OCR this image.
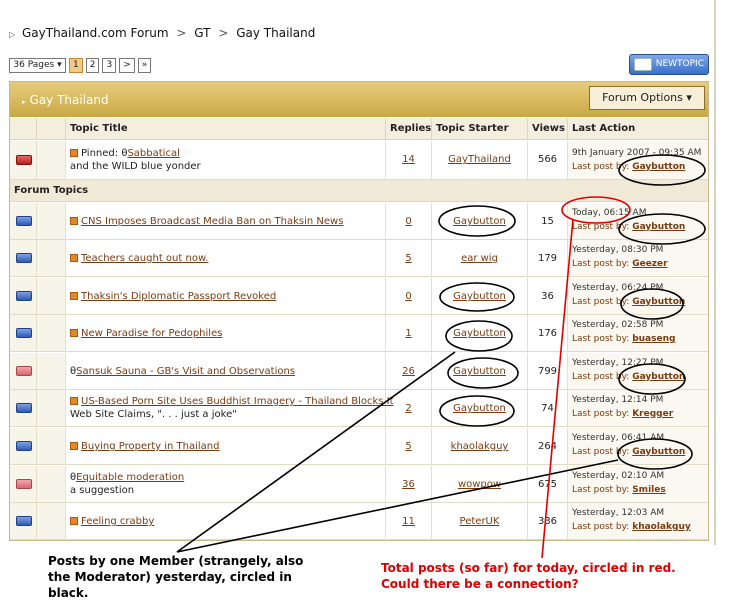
▷ GayThailand.com Forum > GT > Gay Thailand
36 Pages ▾	1	2	3	>	»	NEWTOPIC
▸ Gay Thailand	Forum Options ▾
Topic Title	Replies Topic Starter	Views Last Action
Pinned: θSabbatical
and the WILD blue yonder
14	GayThailand	566
9th January 2007 - 09:35 AM
Last post by: Gaybutton
Forum Topics
CNS Imposes Broadcast Media Ban on Thaksin News	0	Gaybutton	15
Today, 06:15 AM
Last post by: Gaybutton
Teachers caught out now.	5	ear wig	179
Yesterday, 08:30 PM
Last post by: Geezer
Thaksin's Diplomatic Passport Revoked	0	Gaybutton	36
Yesterday, 06:24 PM
Last post by: Gaybutton
New Paradise for Pedophiles	1	Gaybutton	176
Yesterday, 02:58 PM
Last post by: buaseng
θSansuk Sauna - GB's Visit and Observations	26	Gaybutton	799
Yesterday, 12:27 PM
Last post by: Gaybutton
US-Based Porn Site Uses Buddhist Imagery - Thailand Blocks It
Web Site Claims, ". . . just a joke"
2	Gaybutton	74
Yesterday, 12:14 PM
Last post by: Kregger
Buying Property in Thailand	5	khaolakguy	264
Yesterday, 06:41 AM
Last post by: Gaybutton
θEquitable moderation
a suggestion
36	wowpow	675
Yesterday, 02:10 AM
Last post by: Smiles
Feeling crabby	11	PeterUK	336
Yesterday, 12:03 AM
Last post by: khaolakguy
Posts by one Member (strangely, also the Moderator) yesterday, circled in black.
Total posts (so far) for today, circled in red.
Could there be a connection?
